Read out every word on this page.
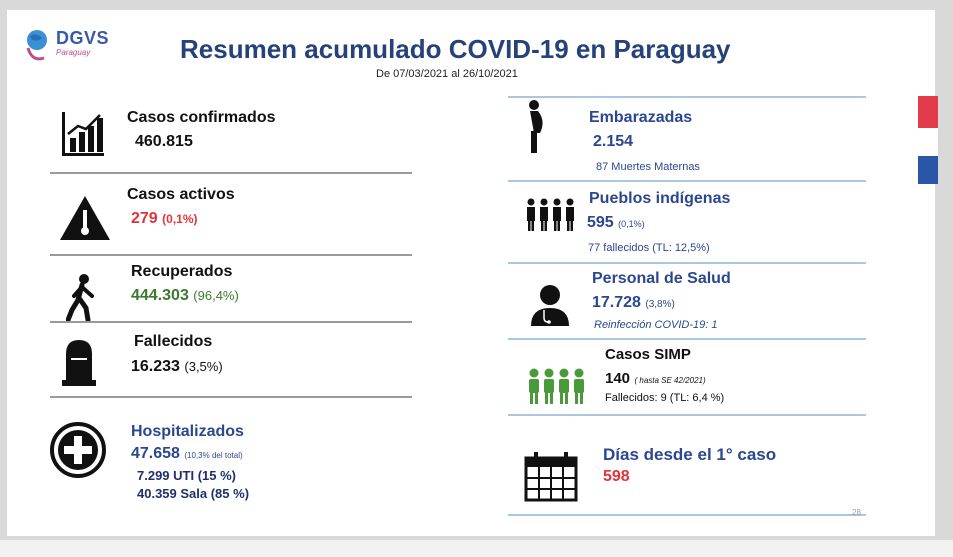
DGVS
Paraguay	Resumen acumulado COVID-19 en Paraguay
De 07/03/2021 al 26/10/2021
Casos confirmados
460.815
Casos activos
279 (0,1%)
Recuperados
444.303 (96,4%)
Fallecidos
16.233 (3,5%)
Hospitalizados
47.658 (10,3% del total)
7.299 UTI (15 %)
40.359 Sala (85 %)
Embarazadas
2.154
87 Muertes Maternas
Pueblos indígenas
595 (0,1%)
77 fallecidos (TL: 12,5%)
Personal de Salud
17.728 (3,8%)
Reinfección COVID-19: 1
Casos SIMP
140 ( hasta SE 42/2021)
Fallecidos: 9 (TL: 6,4 %)
Días desde el 1° caso
598
28
